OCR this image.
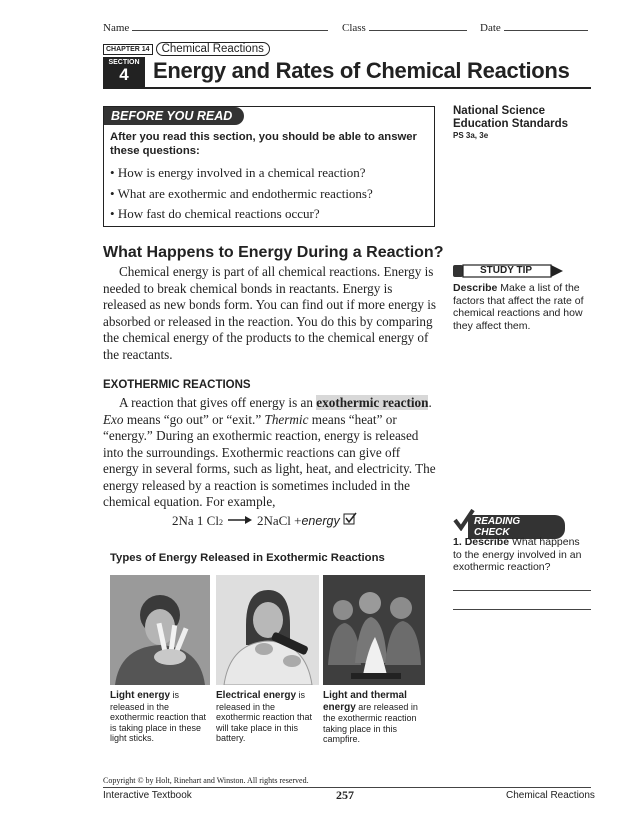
Name	Class	Date
CHAPTER 14	Chemical Reactions
SECTION
4	Energy and Rates of Chemical Reactions
BEFORE YOU READ
After you read this section, you should be able to answer these questions:
• How is energy involved in a chemical reaction?
• What are exothermic and endothermic reactions?
• How fast do chemical reactions occur?
National Science Education Standards
PS 3a, 3e
What Happens to Energy During a Reaction?

Chemical energy is part of all chemical reactions. Energy is needed to break chemical bonds in reactants. Energy is released as new bonds form. You can find out if more energy is absorbed or released in the reaction. You do this by comparing the chemical energy of the products to the chemical energy of the reactants.

STUDY TIP
Describe Make a list of the factors that affect the rate of chemical reactions and how they affect them.
EXOTHERMIC REACTIONS

A reaction that gives off energy is an exothermic reaction. Exo means “go out” or “exit.” Thermic means “heat” or “energy.” During an exothermic reaction, energy is released into the surroundings. Exothermic reactions can give off energy in several forms, such as light, heat, and electricity. The energy released by a reaction is sometimes included in the chemical equation. For example,

2Na 1 Cl 2	2NaCl + energy	READING CHECK
1. Describe What happens to the energy involved in an exothermic reaction?
Types of Energy Released in Exothermic Reactions
Light energy is released in the exothermic reaction that is taking place in these light sticks.
Electrical energy is released in the exothermic reaction that will take place in this battery.
Light and thermal energy are released in the exothermic reaction taking place in this campfire.
Copyright © by Holt, Rinehart and Winston. All rights reserved.
Interactive Textbook	257	Chemical Reactions
